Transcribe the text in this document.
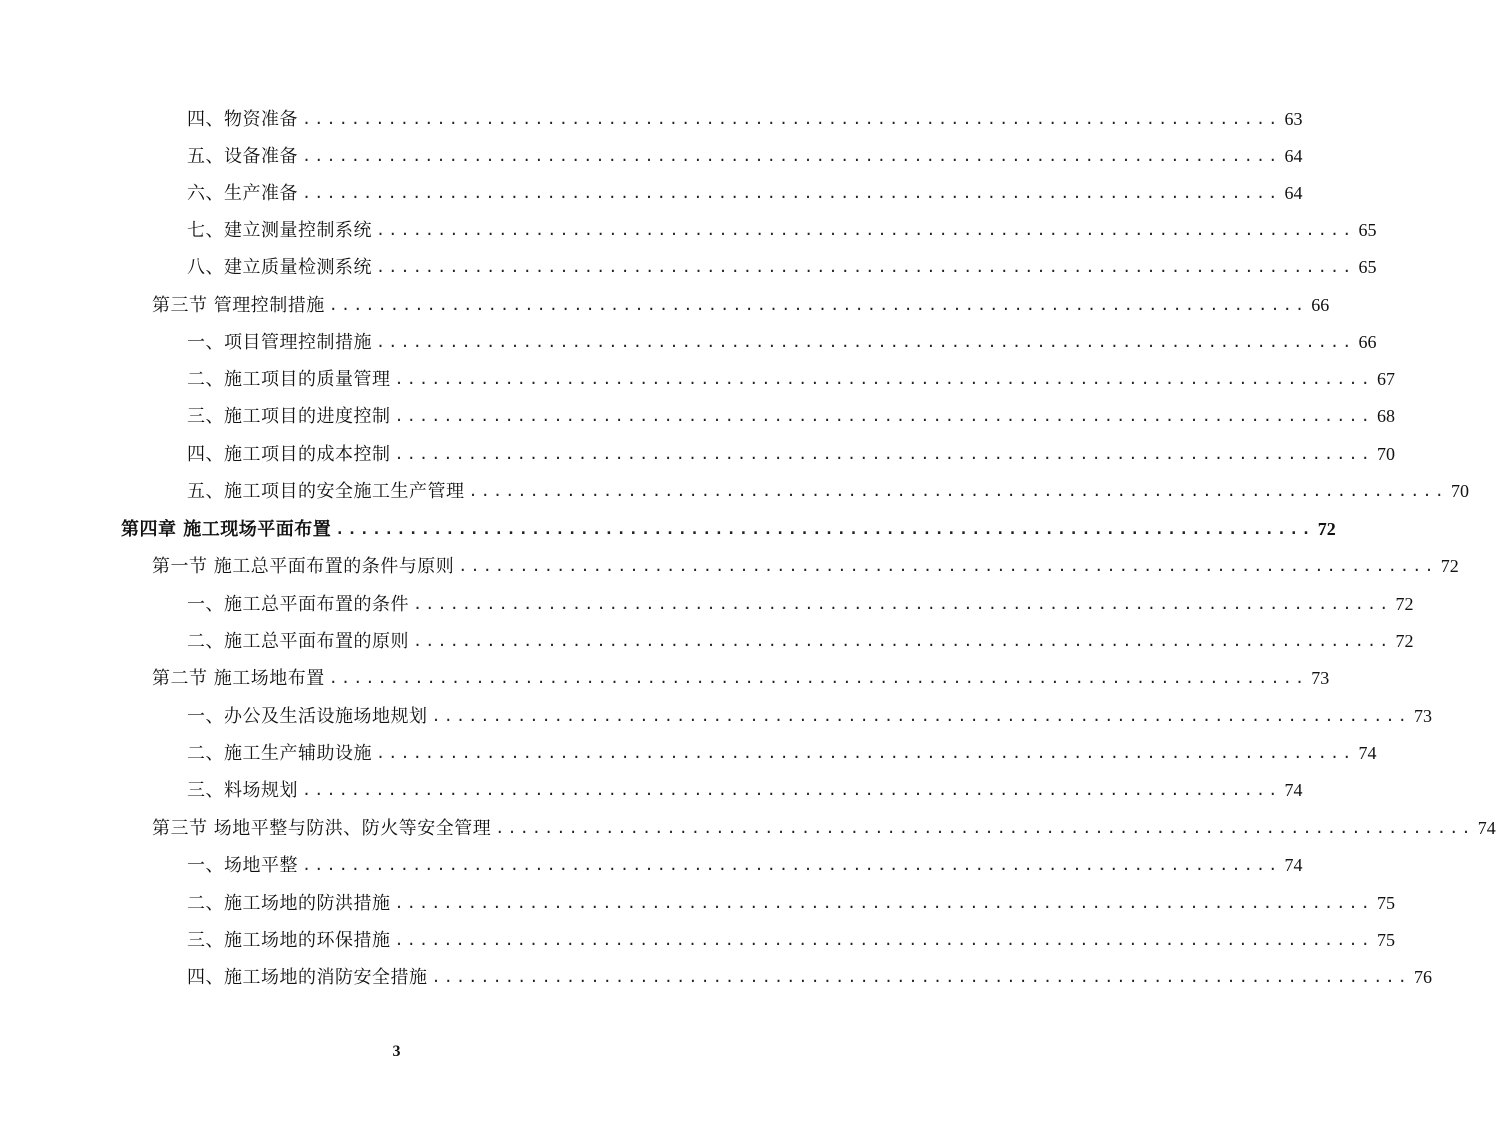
四、物资准备 ................................................................................ 63
五、设备准备 ................................................................................ 64
六、生产准备 ................................................................................ 64
七、建立测量控制系统 ................................................................................ 65
八、建立质量检测系统 ................................................................................ 65
第三节 管理控制措施 ................................................................................ 66
一、项目管理控制措施 ................................................................................ 66
二、施工项目的质量管理 ................................................................................ 67
三、施工项目的进度控制 ................................................................................ 68
四、施工项目的成本控制 ................................................................................ 70
五、施工项目的安全施工生产管理 ................................................................................ 70
第四章 施工现场平面布置 ................................................................................ 72
第一节 施工总平面布置的条件与原则 ................................................................................ 72
一、施工总平面布置的条件 ................................................................................ 72
二、施工总平面布置的原则 ................................................................................ 72
第二节 施工场地布置 ................................................................................ 73
一、办公及生活设施场地规划 ................................................................................ 73
二、施工生产辅助设施 ................................................................................ 74
三、料场规划 ................................................................................ 74
第三节 场地平整与防洪、防火等安全管理 ................................................................................ 74
一、场地平整 ................................................................................ 74
二、施工场地的防洪措施 ................................................................................ 75
三、施工场地的环保措施 ................................................................................ 75
四、施工场地的消防安全措施 ................................................................................ 76
3
